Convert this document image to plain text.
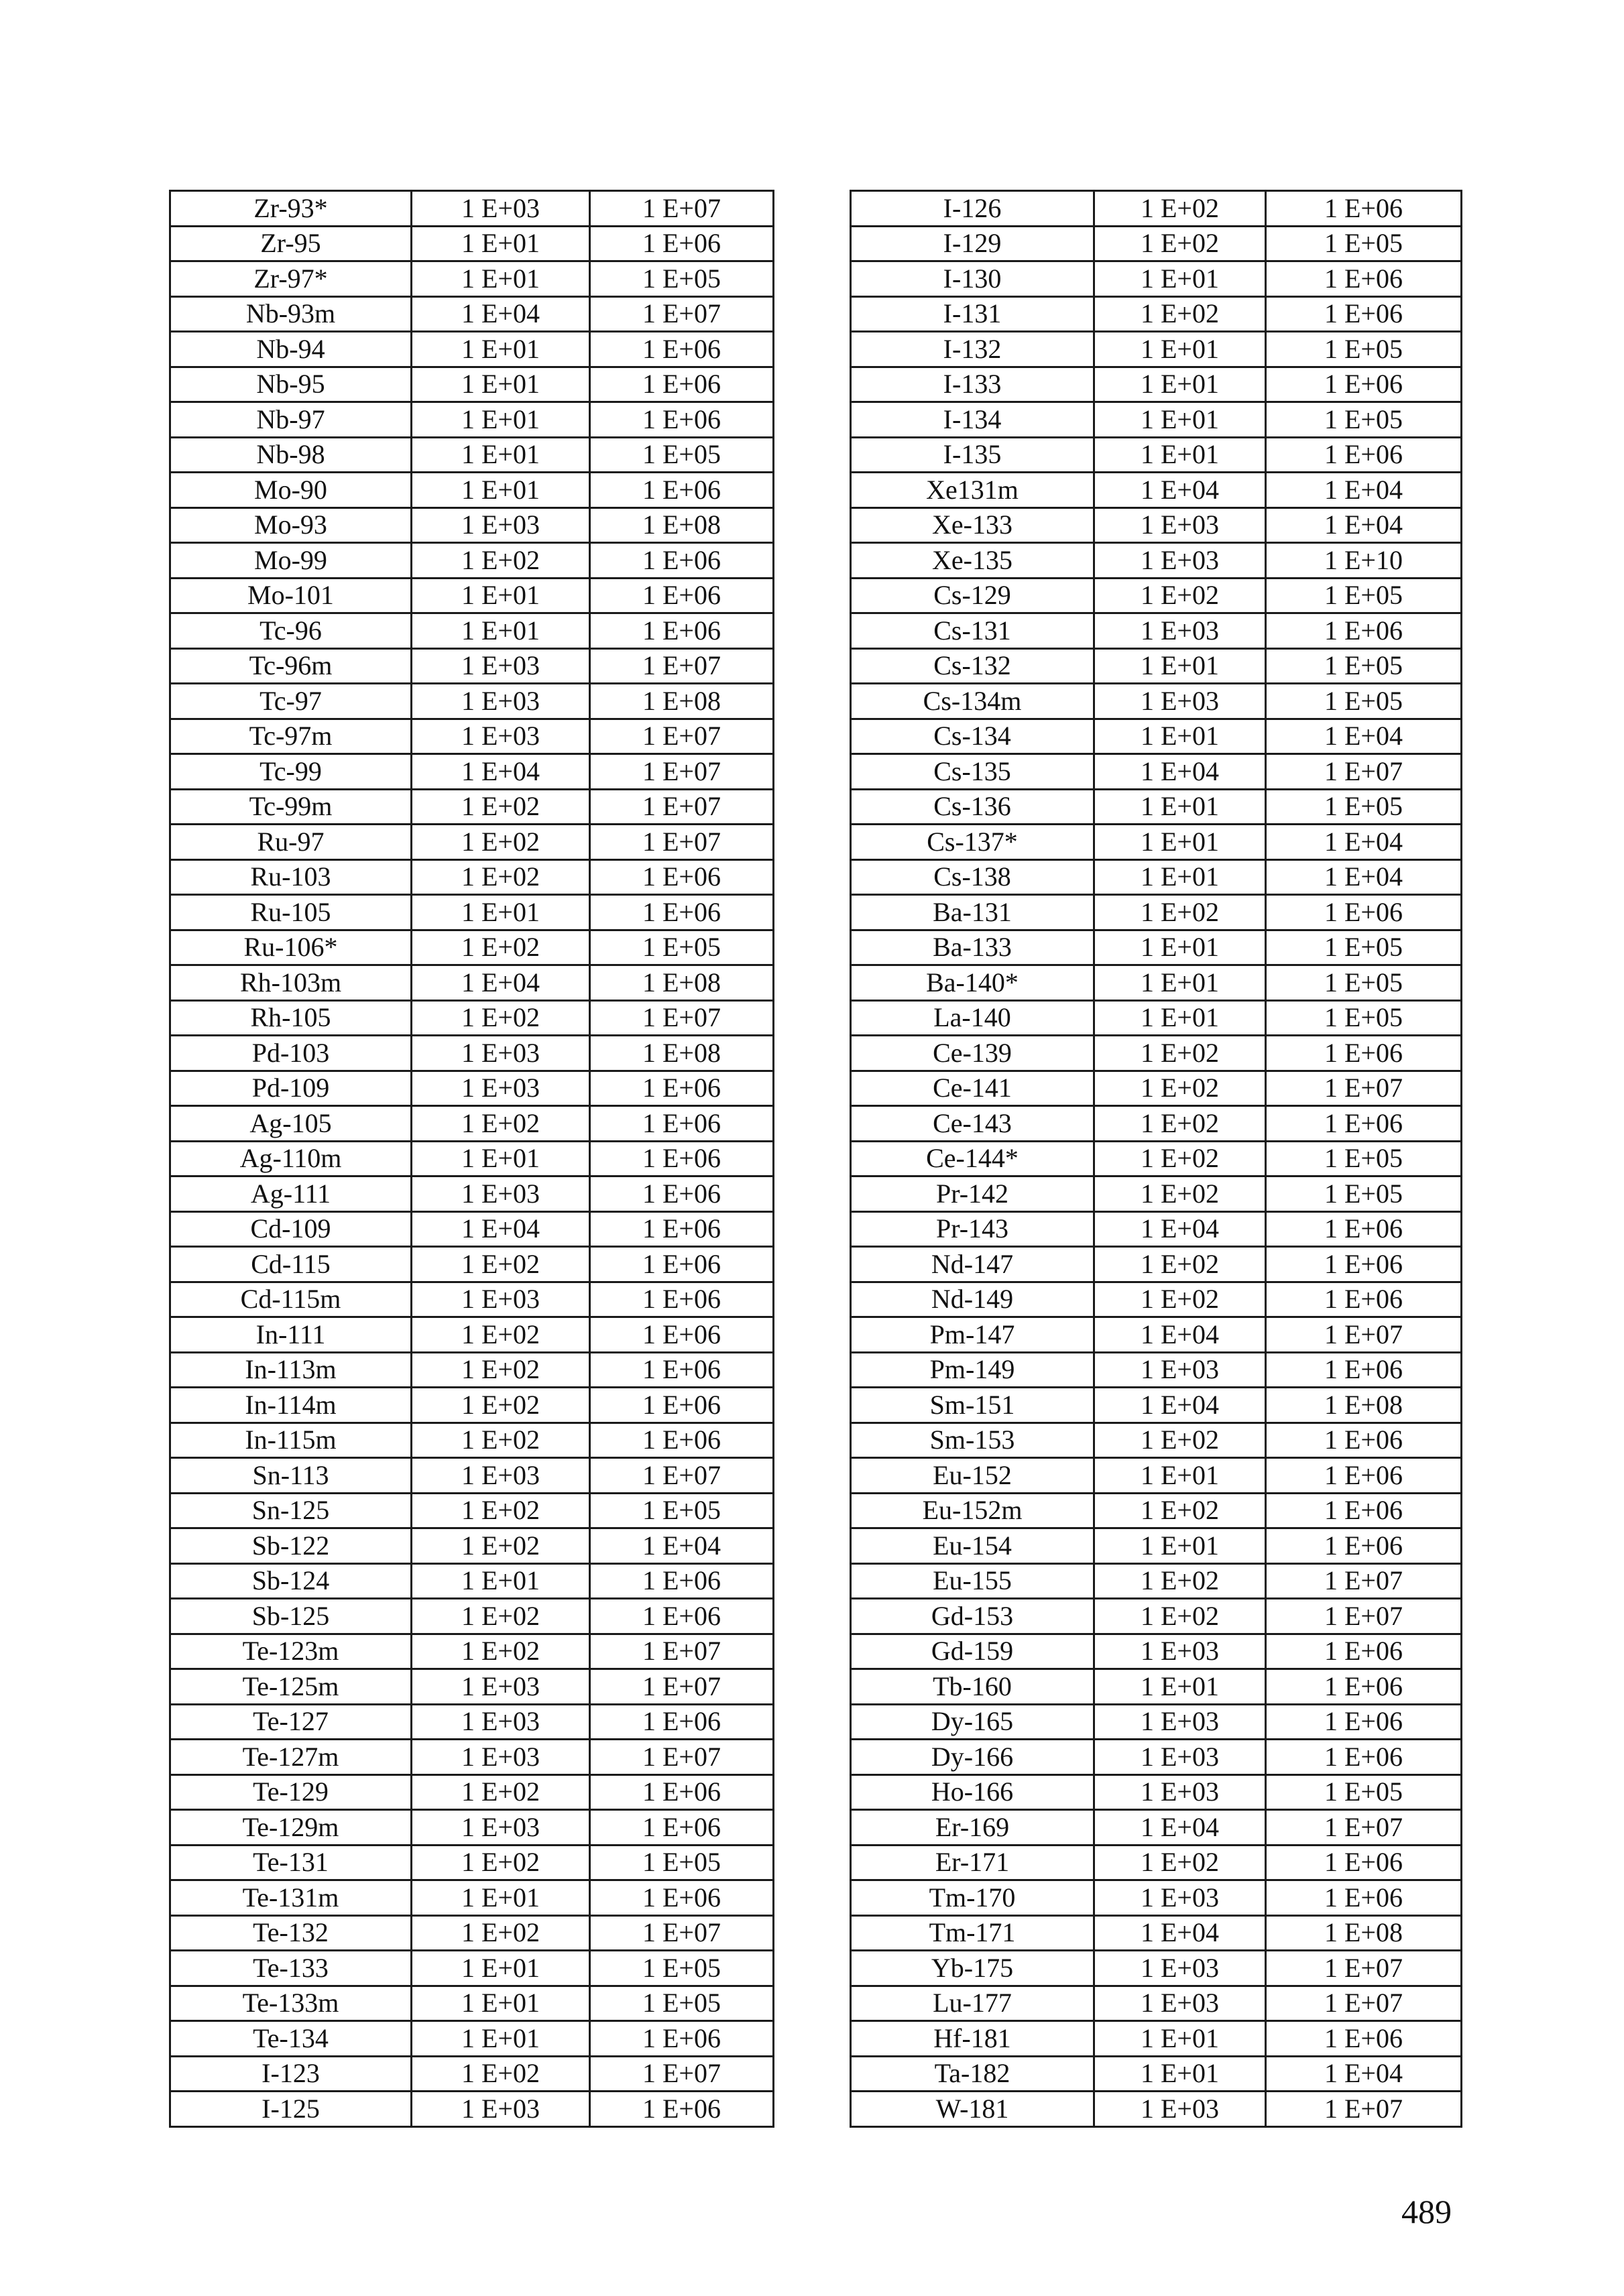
Zr-93*	1 E+03	1 E+07
Zr-95	1 E+01	1 E+06
Zr-97*	1 E+01	1 E+05
Nb-93m	1 E+04	1 E+07
Nb-94	1 E+01	1 E+06
Nb-95	1 E+01	1 E+06
Nb-97	1 E+01	1 E+06
Nb-98	1 E+01	1 E+05
Mo-90	1 E+01	1 E+06
Mo-93	1 E+03	1 E+08
Mo-99	1 E+02	1 E+06
Mo-101	1 E+01	1 E+06
Tc-96	1 E+01	1 E+06
Tc-96m	1 E+03	1 E+07
Tc-97	1 E+03	1 E+08
Tc-97m	1 E+03	1 E+07
Tc-99	1 E+04	1 E+07
Tc-99m	1 E+02	1 E+07
Ru-97	1 E+02	1 E+07
Ru-103	1 E+02	1 E+06
Ru-105	1 E+01	1 E+06
Ru-106*	1 E+02	1 E+05
Rh-103m	1 E+04	1 E+08
Rh-105	1 E+02	1 E+07
Pd-103	1 E+03	1 E+08
Pd-109	1 E+03	1 E+06
Ag-105	1 E+02	1 E+06
Ag-110m	1 E+01	1 E+06
Ag-111	1 E+03	1 E+06
Cd-109	1 E+04	1 E+06
Cd-115	1 E+02	1 E+06
Cd-115m	1 E+03	1 E+06
In-111	1 E+02	1 E+06
In-113m	1 E+02	1 E+06
In-114m	1 E+02	1 E+06
In-115m	1 E+02	1 E+06
Sn-113	1 E+03	1 E+07
Sn-125	1 E+02	1 E+05
Sb-122	1 E+02	1 E+04
Sb-124	1 E+01	1 E+06
Sb-125	1 E+02	1 E+06
Te-123m	1 E+02	1 E+07
Te-125m	1 E+03	1 E+07
Te-127	1 E+03	1 E+06
Te-127m	1 E+03	1 E+07
Te-129	1 E+02	1 E+06
Te-129m	1 E+03	1 E+06
Te-131	1 E+02	1 E+05
Te-131m	1 E+01	1 E+06
Te-132	1 E+02	1 E+07
Te-133	1 E+01	1 E+05
Te-133m	1 E+01	1 E+05
Te-134	1 E+01	1 E+06
I-123	1 E+02	1 E+07
I-125	1 E+03	1 E+06
I-126	1 E+02	1 E+06
I-129	1 E+02	1 E+05
I-130	1 E+01	1 E+06
I-131	1 E+02	1 E+06
I-132	1 E+01	1 E+05
I-133	1 E+01	1 E+06
I-134	1 E+01	1 E+05
I-135	1 E+01	1 E+06
Xe131m	1 E+04	1 E+04
Xe-133	1 E+03	1 E+04
Xe-135	1 E+03	1 E+10
Cs-129	1 E+02	1 E+05
Cs-131	1 E+03	1 E+06
Cs-132	1 E+01	1 E+05
Cs-134m	1 E+03	1 E+05
Cs-134	1 E+01	1 E+04
Cs-135	1 E+04	1 E+07
Cs-136	1 E+01	1 E+05
Cs-137*	1 E+01	1 E+04
Cs-138	1 E+01	1 E+04
Ba-131	1 E+02	1 E+06
Ba-133	1 E+01	1 E+05
Ba-140*	1 E+01	1 E+05
La-140	1 E+01	1 E+05
Ce-139	1 E+02	1 E+06
Ce-141	1 E+02	1 E+07
Ce-143	1 E+02	1 E+06
Ce-144*	1 E+02	1 E+05
Pr-142	1 E+02	1 E+05
Pr-143	1 E+04	1 E+06
Nd-147	1 E+02	1 E+06
Nd-149	1 E+02	1 E+06
Pm-147	1 E+04	1 E+07
Pm-149	1 E+03	1 E+06
Sm-151	1 E+04	1 E+08
Sm-153	1 E+02	1 E+06
Eu-152	1 E+01	1 E+06
Eu-152m	1 E+02	1 E+06
Eu-154	1 E+01	1 E+06
Eu-155	1 E+02	1 E+07
Gd-153	1 E+02	1 E+07
Gd-159	1 E+03	1 E+06
Tb-160	1 E+01	1 E+06
Dy-165	1 E+03	1 E+06
Dy-166	1 E+03	1 E+06
Ho-166	1 E+03	1 E+05
Er-169	1 E+04	1 E+07
Er-171	1 E+02	1 E+06
Tm-170	1 E+03	1 E+06
Tm-171	1 E+04	1 E+08
Yb-175	1 E+03	1 E+07
Lu-177	1 E+03	1 E+07
Hf-181	1 E+01	1 E+06
Ta-182	1 E+01	1 E+04
W-181	1 E+03	1 E+07
489
